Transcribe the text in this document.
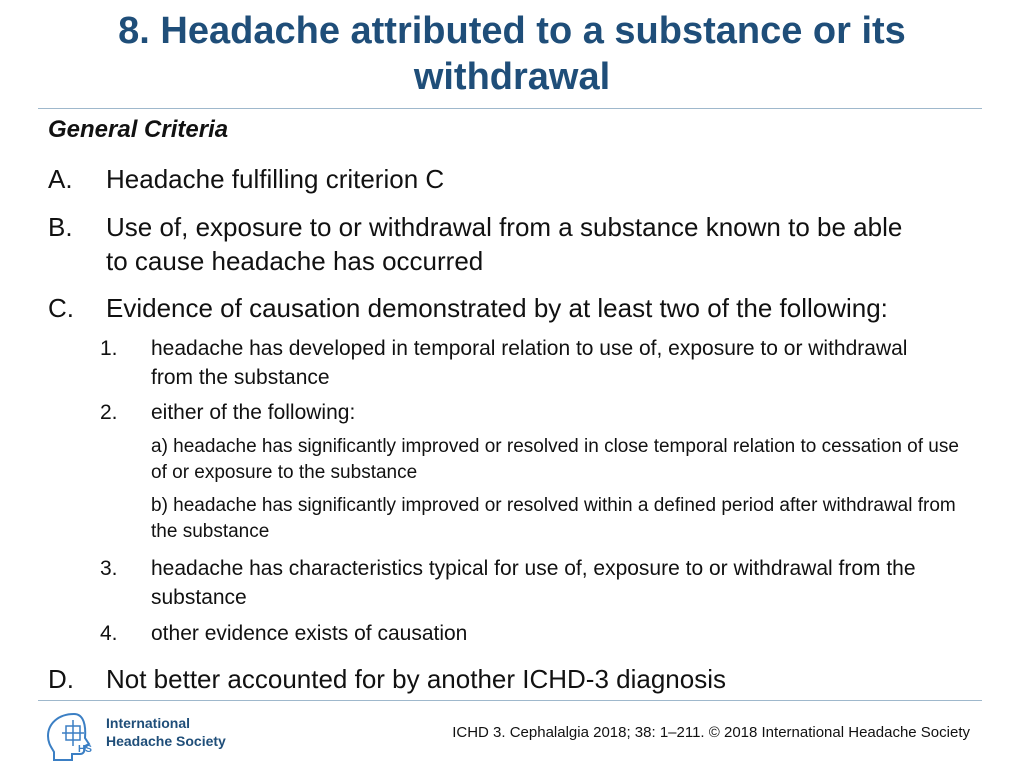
8. Headache attributed to a substance or its withdrawal
General Criteria
A. Headache fulfilling criterion C
B. Use of, exposure to or withdrawal from a substance known to be able to cause headache has occurred
C. Evidence of causation demonstrated by at least two of the following:
1. headache has developed in temporal relation to use of, exposure to or withdrawal from the substance
2. either of the following:
a) headache has significantly improved or resolved in close temporal relation to cessation of use of or exposure to the substance
b) headache has significantly improved or resolved within a defined period after withdrawal from the substance
3. headache has characteristics typical for use of, exposure to or withdrawal from the substance
4. other evidence exists of causation
D. Not better accounted for by another ICHD-3 diagnosis
HS
International
Headache Society	ICHD 3. Cephalalgia 2018; 38: 1–211. © 2018 International Headache Society
